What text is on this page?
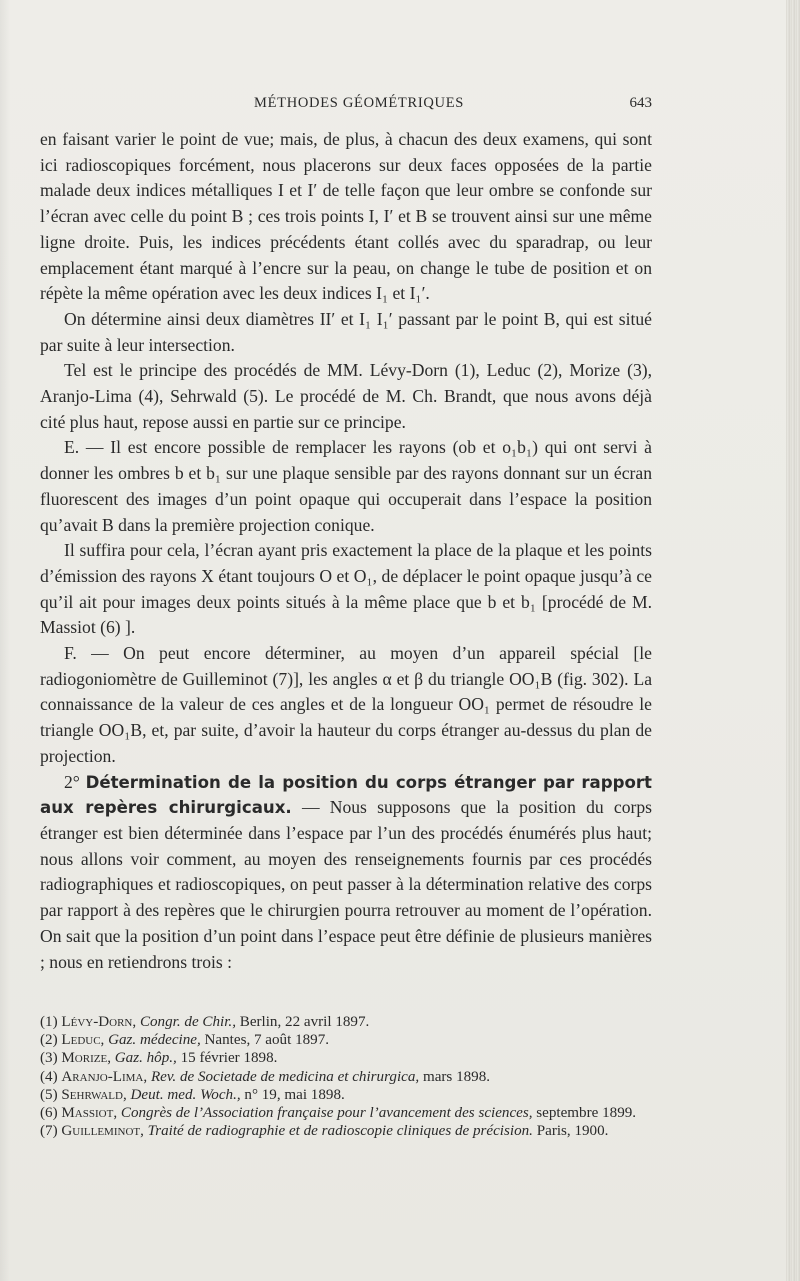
MÉTHODES GÉOMÉTRIQUES	643

en faisant varier le point de vue; mais, de plus, à chacun des deux examens, qui sont ici radioscopiques forcément, nous placerons sur deux faces opposées de la partie malade deux indices métalliques I et I′ de telle façon que leur ombre se confonde sur l’écran avec celle du point B ; ces trois points I, I′ et B se trouvent ainsi sur une même ligne droite. Puis, les indices précédents étant collés avec du sparadrap, ou leur emplacement étant marqué à l’encre sur la peau, on change le tube de position et on répète la même opération avec les deux indices I₁ et I₁′.

On détermine ainsi deux diamètres II′ et I₁ I₁′ passant par le point B, qui est situé par suite à leur intersection.

Tel est le principe des procédés de MM. Lévy-Dorn (1), Leduc (2), Morize (3), Aranjo-Lima (4), Sehrwald (5). Le procédé de M. Ch. Brandt, que nous avons déjà cité plus haut, repose aussi en partie sur ce principe.

E. — Il est encore possible de remplacer les rayons (ob et o₁b₁) qui ont servi à donner les ombres b et b₁ sur une plaque sensible par des rayons donnant sur un écran fluorescent des images d’un point opaque qui occuperait dans l’espace la position qu’avait B dans la première projection conique.

Il suffira pour cela, l’écran ayant pris exactement la place de la plaque et les points d’émission des rayons X étant toujours O et O₁, de déplacer le point opaque jusqu’à ce qu’il ait pour images deux points situés à la même place que b et b₁ [procédé de M. Massiot (6) ].

F. — On peut encore déterminer, au moyen d’un appareil spécial [le radiogoniomètre de Guilleminot (7)], les angles α et β du triangle OO₁B (fig. 302). La connaissance de la valeur de ces angles et de la longueur OO₁ permet de résoudre le triangle OO₁B, et, par suite, d’avoir la hauteur du corps étranger au-dessus du plan de projection.

2° Détermination de la position du corps étranger par rapport aux repères chirurgicaux. — Nous supposons que la position du corps étranger est bien déterminée dans l’espace par l’un des procédés énumérés plus haut; nous allons voir comment, au moyen des renseignements fournis par ces procédés radiographiques et radioscopiques, on peut passer à la détermination relative des corps par rapport à des repères que le chirurgien pourra retrouver au moment de l’opération. On sait que la position d’un point dans l’espace peut être définie de plusieurs manières ; nous en retiendrons trois :

(1) Lévy-Dorn, Congr. de Chir., Berlin, 22 avril 1897.

(2) Leduc, Gaz. médecine, Nantes, 7 août 1897.

(3) Morize, Gaz. hôp., 15 février 1898.

(4) Aranjo-Lima, Rev. de Societade de medicina et chirurgica, mars 1898.

(5) Sehrwald, Deut. med. Woch., n° 19, mai 1898.

(6) Massiot, Congrès de l’Association française pour l’avancement des sciences, septembre 1899.

(7) Guilleminot, Traité de radiographie et de radioscopie cliniques de précision. Paris, 1900.
